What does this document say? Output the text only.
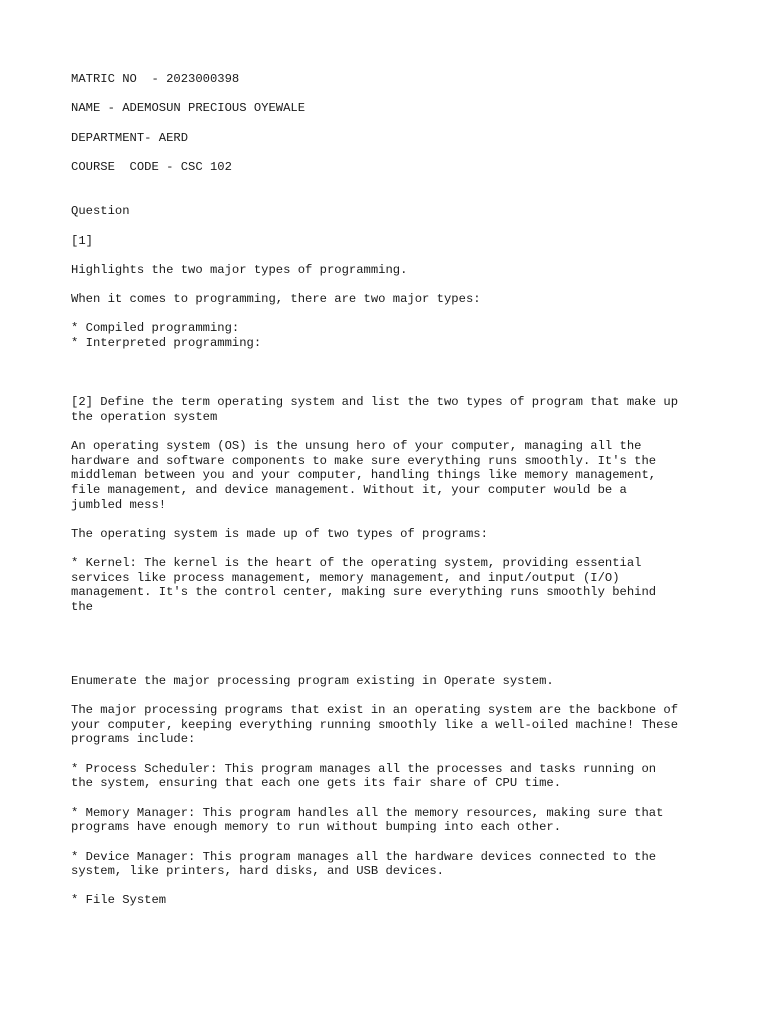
MATRIC NO  - 2023000398

NAME - ADEMOSUN PRECIOUS OYEWALE

DEPARTMENT- AERD

COURSE  CODE - CSC 102

Question

[1]

Highlights the two major types of programming.

When it comes to programming, there are two major types:

* Compiled programming:

* Interpreted programming:

[2] Define the term operating system and list the two types of program that make up

the operation system

An operating system (OS) is the unsung hero of your computer, managing all the

hardware and software components to make sure everything runs smoothly. It's the

middleman between you and your computer, handling things like memory management,

file management, and device management. Without it, your computer would be a

jumbled mess!

The operating system is made up of two types of programs:

* Kernel: The kernel is the heart of the operating system, providing essential

services like process management, memory management, and input/output (I/O)

management. It's the control center, making sure everything runs smoothly behind

the

Enumerate the major processing program existing in Operate system.

The major processing programs that exist in an operating system are the backbone of

your computer, keeping everything running smoothly like a well-oiled machine! These

programs include:

* Process Scheduler: This program manages all the processes and tasks running on

the system, ensuring that each one gets its fair share of CPU time.

* Memory Manager: This program handles all the memory resources, making sure that

programs have enough memory to run without bumping into each other.

* Device Manager: This program manages all the hardware devices connected to the

system, like printers, hard disks, and USB devices.

* File System
